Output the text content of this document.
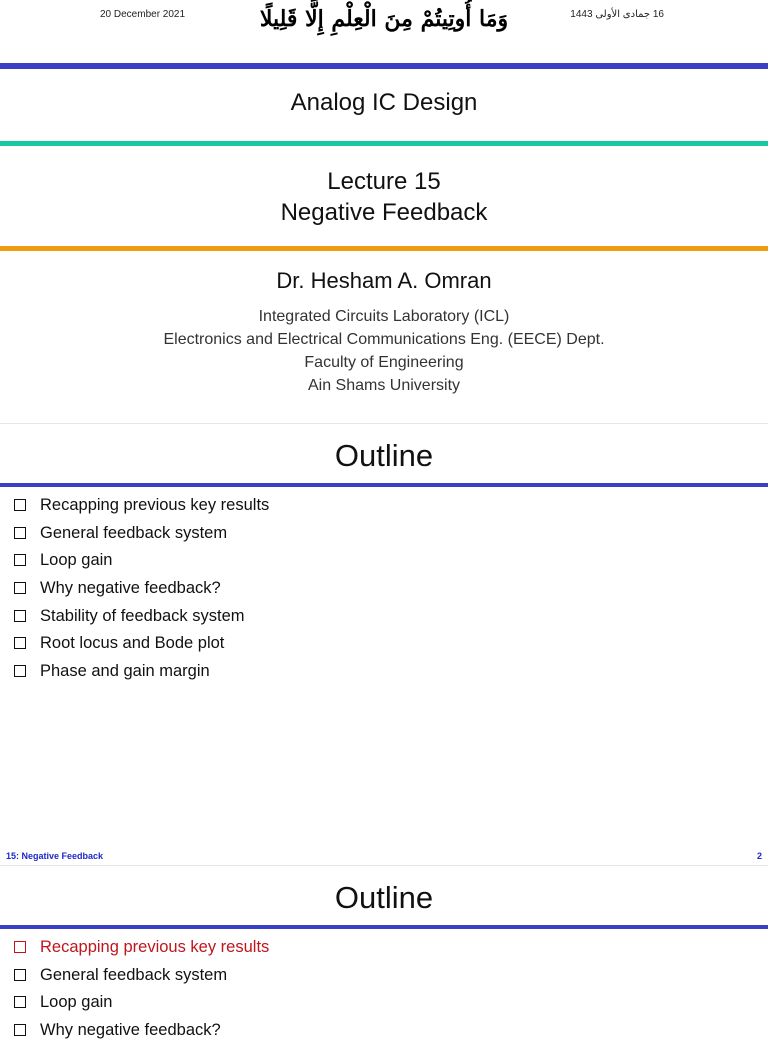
20 December 2021	وَمَا أُوتِيتُمْ مِنَ الْعِلْمِ إِلَّا قَلِيلًا	16 جمادى الأولى 1443
Analog IC Design
Lecture 15
Negative Feedback
Dr. Hesham A. Omran
Integrated Circuits Laboratory (ICL)
Electronics and Electrical Communications Eng. (EECE) Dept.
Faculty of Engineering
Ain Shams University
Outline
Recapping previous key results
General feedback system
Loop gain
Why negative feedback?
Stability of feedback system
Root locus and Bode plot
Phase and gain margin
15: Negative Feedback	2
Outline
Recapping previous key results
General feedback system
Loop gain
Why negative feedback?
